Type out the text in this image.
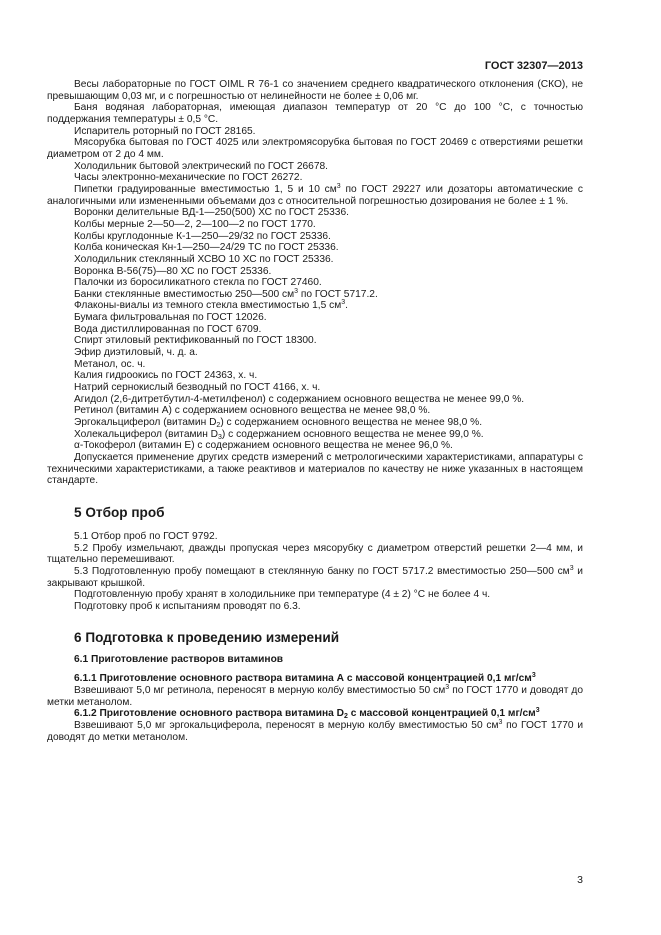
ГОСТ 32307—2013

Весы лабораторные по ГОСТ OIML R 76-1 со значением среднего квадратического отклонения (СКО), не превышающим 0,03 мг, и с погрешностью от нелинейности не более ± 0,06 мг.

Баня водяная лабораторная, имеющая диапазон температур от 20 °С до 100 °С, с точностью поддержания температуры ± 0,5 °С.

Испаритель роторный по ГОСТ 28165.

Мясорубка бытовая по ГОСТ 4025 или электромясорубка бытовая по ГОСТ 20469 с отверстиями решетки диаметром от 2 до 4 мм.

Холодильник бытовой электрический по ГОСТ 26678.

Часы электронно-механические по ГОСТ 26272.

Пипетки градуированные вместимостью 1, 5 и 10 $см^3$ по ГОСТ 29227 или дозаторы автоматические с аналогичными или измененными объемами доз с относительной погрешностью дозирования не более ± 1 %.

Воронки делительные ВД-1—250(500) ХС по ГОСТ 25336.

Колбы мерные 2—50—2, 2—100—2 по ГОСТ 1770.

Колбы круглодонные К-1—250—29/32 по ГОСТ 25336.

Колба коническая Кн-1—250—24/29 ТС по ГОСТ 25336.

Холодильник стеклянный ХСВО 10 ХС по ГОСТ 25336.

Воронка В-56(75)—80 ХС по ГОСТ 25336.

Палочки из боросиликатного стекла по ГОСТ 27460.

Банки стеклянные вместимостью 250—500 $см^3$ по ГОСТ 5717.2.

Флаконы-виалы из темного стекла вместимостью 1,5 $см^3$.

Бумага фильтровальная по ГОСТ 12026.

Вода дистиллированная по ГОСТ 6709.

Спирт этиловый ректификованный по ГОСТ 18300.

Эфир диэтиловый, ч. д. а.

Метанол, ос. ч.

Калия гидроокись по ГОСТ 24363, х. ч.

Натрий сернокислый безводный по ГОСТ 4166, х. ч.

Агидол (2,6-дитретбутил-4-метилфенол) с содержанием основного вещества не менее 99,0 %.

Ретинол (витамин А) с содержанием основного вещества не менее 98,0 %.

Эргокальциферол (витамин $D_2$) с содержанием основного вещества не менее 98,0 %.

Холекальциферол (витамин $D_3$) с содержанием основного вещества не менее 99,0 %.

α-Токоферол (витамин Е) с содержанием основного вещества не менее 96,0 %.

Допускается применение других средств измерений с метрологическими характеристиками, аппаратуры с техническими характеристиками, а также реактивов и материалов по качеству не ниже указанных в настоящем стандарте.

5 Отбор проб

5.1 Отбор проб по ГОСТ 9792.

5.2 Пробу измельчают, дважды пропуская через мясорубку с диаметром отверстий решетки 2—4 мм, и тщательно перемешивают.

5.3 Подготовленную пробу помещают в стеклянную банку по ГОСТ 5717.2 вместимостью 250—500 $см^3$ и закрывают крышкой.

Подготовленную пробу хранят в холодильнике при температуре (4 ± 2) °С не более 4 ч.

Подготовку проб к испытаниям проводят по 6.3.

6 Подготовка к проведению измерений

6.1 Приготовление растворов витаминов

6.1.1 Приготовление основного раствора витамина А с массовой концентрацией 0,1 $мг/см^3$

Взвешивают 5,0 мг ретинола, переносят в мерную колбу вместимостью 50 $см^3$ по ГОСТ 1770 и доводят до метки метанолом.

6.1.2 Приготовление основного раствора витамина $D_2$ с массовой концентрацией 0,1 $мг/см^3$

Взвешивают 5,0 мг эргокальциферола, переносят в мерную колбу вместимостью 50 $см^3$ по ГОСТ 1770 и доводят до метки метанолом.

3
